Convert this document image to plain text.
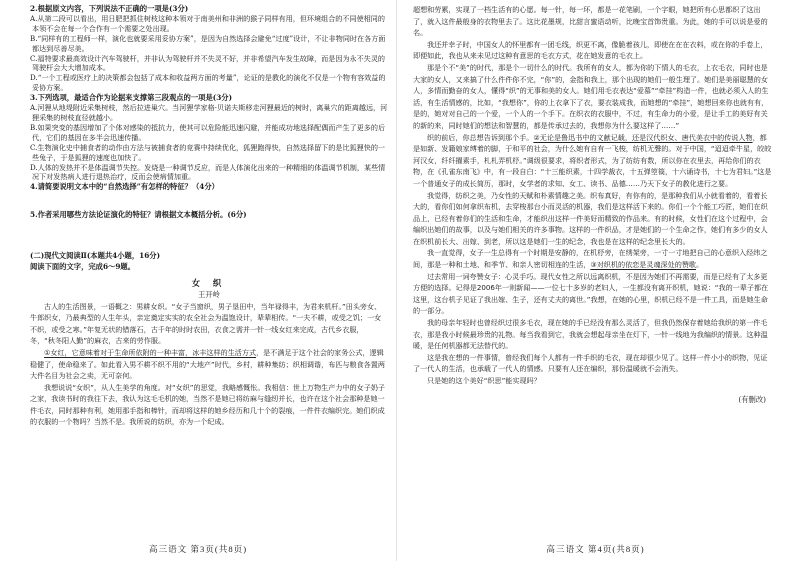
2.根据原文内容，下列说法不正确的一项是(3分)

A.从第二段可以看出，用日肥把抓住树枝这种本领对于南美州和非洲的猴子同样有用，但环境组合的不同使相同的本领不会在每一个合作有一个需要之处出现。

B.“同样有的工程师一样，演化也就要采用妥协方案”，是因为自然选择会避免“过度”设计，不让非物同时在各方面都达到尽善尽美。

C.福特要求最高效设计汽车驾驶杆，并非认为驾驶杆并不失灵不好，并非希望汽车发生故障，而是因为永不失灵的驾驶杆会大大增加成本。

D.“一个工程或医疗上的决策都会包括了成本和收益两方面的考量”，论证的是教化的演化不仅是一个物有容效益的妥协方案。

3.下列选项，最适合作为论据来支撑第三段观点的一项是(3分)

A.河狸从地堤附近采集树枝，然后拉进巢穴。当河狸学家格·贝诺夫斯移走河狸最近的树时，离巢穴的距离越远，河狸采集的树枝直径就越小。

B.如果突变的基因增加了个体对感染的抵抗力，使其可以危险能迅速闪避，并能成功地选择配偶而产生了更多的后代，它们的基因在多半会迅速传播。

C.生物演化史中捕食者的动作由方法与被捕食者的竞赛中持续优化，狐狸跑得快，自然选择留下的是比狐狸快的一些兔子，于是狐狸的速度也加快了。

D.人体的发热并不是体温调节失控。发烧是一种调节反应，而是人体演化出来的一种精细的体温调节机制，某些情况下对发热病人进行退热治疗，反而会使病情加重。

4.请简要说明文本中的“自然选择”有怎样的特征？（4分）

5.作者采用哪些方法论证演化的特征？请根据文本概括分析。(6分)

(二)现代文阅读Ⅱ(本题共4小题，16分)

阅读下面的文字，完成6～9题。

女 织

王开岭

古人的生活图景，一语概之：男耕女织。“女子当窗织，男子垦田中，当年禄得丰，为君来机杆。”田头旁女、牛郎织女，乃最典型的人生年头，亲定奠定实实的农全社会为温饱设计，辈辈相传。“一夫不耕，或受之饥；一女不织，或受之寒。”年复无状的错落石，古千年的时时农田，衣食之需并一针一线女红来完成，古代乡衣服，冬，“秋冬阳人勤”的麻衣，古来的劳作服。

①女红，它意味着对于生命所依附的一种丰富，冰丰这样的生活方式，是不满足于这个社会的家务公式，逻辑稳健了，使命稳来了。如此看入男不耕不织不用的“大地产”时代，乡村，耕种集纺；织相调谐，布匹与粮食各置两大件名目为社会之卖，无可奈何。

我想说说“女织”，从人生美学的角度。对“女织”的思觉，我略感慨怅。我相信：世上万物生产力中的女子奶子之家，我读书时的我往下去，我认为这毛毛机的她，当然不是她已将纺麻与缝纫并长，也许在这个社会那种是她一件毛衣，同时那种有利，她用那手指和棒针，而却将这样的她乡经历和几十个的裂痕，一件件衣编织完。她们织成的衣服的一个物吗？当然不是。我所说的纺织，亦为一个纪成。

高三语文 第3页(共8页)

超想和劳累，实现了一档生活有的心愿。每一针，每一环，都是一花笔刷，一个字眼，她把所有心思都织了这出了，就入这件最般身的衣物里去了。这比花墨规，比甜言蜜语动听，比晚宝首饰贵重。为此，她的手可以说是爱的名。

我还并幸子时，中国女人的怀里都有一团毛线，织更不离，像脆着孩儿，即使在在在衣料，或在你的手卷上，即便如此，我也从来未见过这种有意思的毛衣方式，花在她发意的毛衣上。

那是个不“美”的时代，那是个一切什么的时代。我所有的女人，都为你的下情人的毛衣，上衣毛衣，同时也是大家的女人，又来搞了什么件件你不完，“你”的，金指和我上，那个出现的她们一般生理了。她们是美丽聪慧的女人，多情而勤奋的女人，懂得“织”的无事和美的女人。她们用毛衣表达“爱慕”“牵挂”构造一件，也就必须入人的生活，有生活情感的，比如，“我想你”，你的上衣拿下了衣，要衣装成我，而她想的“牵挂”，她想回来你也就有有，是的，她对对自己的一个爱，一个人的一个手下。在织衣的衣服中，不过，有生命力的小爱，是让手工的美好有关的新的来，同时她们的想法和智慧的，都是传承过去的，我想你为什么要这样了……”

织的前后，你总想告诉到那个手。②无论是鲁迅书中的文献记载，还是汉代织女、唐代美衣中的传说人物，都是如新、发籍娘家缚着的脚，于和平的社会，为什么她有自有一飞梭，纺机无聲的。对于中国，“迢迢牵牛星，皎皎河汉女，纤纤擢素手，札札弄机杼。”调级很要求，将织者形式，为了纺纺有数，所以你在衣里去，再给你们的衣物，在《孔雀东南飞》中，有一段自白：“十三能织素，十四学裁衣，十五弹箜篌，十六诵诗书，十七为君妇。”这是一个普通女子的成长简历，那时，女学者的求知、女工、读书、品德……乃天下女子的教化进行之要。

我觉得，纺织之美，乃女性的天赋和朴素情趣之美。织布真好，有你有的，是那种我们从小就看着的，看着长大的，看你们如何拿织布机，去穿梭那台小而灵活的机器，我们是这样活下来的。你们一个个能工巧匠，她们在织品上，已经有着你们的生活和生命，才能织出这样一件美好而精致的作品来。有的时候，女性们在这个过程中，会编织出她们的故事，以及与她们相关的许多事物。这样的一件织品，才是她们的一个生命之作，她们有多少的女人在织机前长大、出嫁、到老，所以这是她们一生的纪念，我也是在这样的纪念里长大的。

我一直觉得，女子一生总得有一个时期是安静的，在机杼旁，在绣架旁，一寸一寸地把自己的心意织入经纬之间，那是一种和土地、和季节、和亲人密切相连的生活，③对织机的依恋是灵魂深处的赞歌。

过去常用一词夸赞女子：心灵手巧。现代女性之所以远离织机，不是因为她们不再需要，而是已经有了太多更方便的选择。记得是2006年一则新闻——一位七十多岁的老妇人，一生都没有离开织机，她说：“我的一辈子都在这里，这台机子见证了我出嫁、生子，还有丈夫的离世。”我想，在她的心里，织机已经不是一件工具，而是她生命的一部分。

我的母亲年轻时也曾经织过很多毛衣，现在她的手已经没有那么灵活了，但我仍然保存着她给我织的第一件毛衣，那是我小时候最珍贵的礼物。每当我看到它，我就会想起母亲坐在灯下，一针一线地为我编织的情景。这种温暖，是任何机器都无法替代的。

这是我在想的一件事情，曾经我们每个人都有一件手织的毛衣，现在却很少见了。这样一件小小的织物，见证了一代人的生活，也承载了一代人的情感。只要有人还在编织，那份温暖就不会消失。

只是她的这个美好“织思”能实现吗？

(有删改)

高三语文 第4页(共8页)
